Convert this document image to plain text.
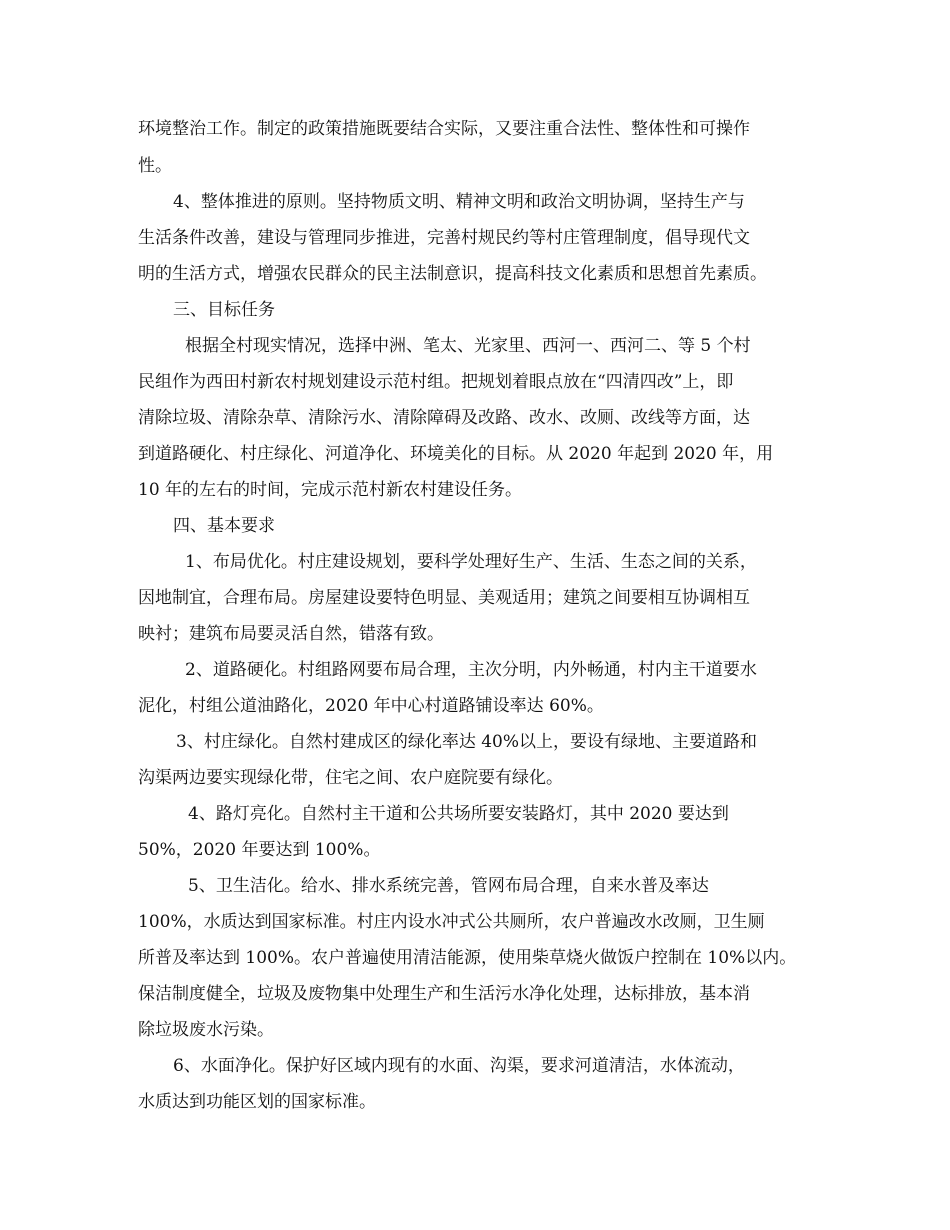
环境整治工作。制定的政策措施既要结合实际，又要注重合法性、整体性和可操作
性。
4、整体推进的原则。坚持物质文明、精神文明和政治文明协调，坚持生产与
生活条件改善，建设与管理同步推进，完善村规民约等村庄管理制度，倡导现代文
明的生活方式，增强农民群众的民主法制意识，提高科技文化素质和思想首先素质。
三、目标任务
根据全村现实情况，选择中洲、笔太、光家里、西河一、西河二、等 5 个村
民组作为西田村新农村规划建设示范村组。把规划着眼点放在“四清四改”上，即
清除垃圾、清除杂草、清除污水、清除障碍及改路、改水、改厕、改线等方面，达
到道路硬化、村庄绿化、河道净化、环境美化的目标。从 2020 年起到 2020 年，用
10 年的左右的时间，完成示范村新农村建设任务。
四、基本要求
1、布局优化。村庄建设规划，要科学处理好生产、生活、生态之间的关系，
因地制宜，合理布局。房屋建设要特色明显、美观适用；建筑之间要相互协调相互
映衬；建筑布局要灵活自然，错落有致。
2、道路硬化。村组路网要布局合理，主次分明，内外畅通，村内主干道要水
泥化，村组公道油路化，2020 年中心村道路铺设率达 60%。
3、村庄绿化。自然村建成区的绿化率达 40%以上，要设有绿地、主要道路和
沟渠两边要实现绿化带，住宅之间、农户庭院要有绿化。
4、路灯亮化。自然村主干道和公共场所要安装路灯，其中 2020 要达到
50%，2020 年要达到 100%。
5、卫生洁化。给水、排水系统完善，管网布局合理，自来水普及率达
100%，水质达到国家标准。村庄内设水冲式公共厕所，农户普遍改水改厕，卫生厕
所普及率达到 100%。农户普遍使用清洁能源，使用柴草烧火做饭户控制在 10%以内。
保洁制度健全，垃圾及废物集中处理生产和生活污水净化处理，达标排放，基本消
除垃圾废水污染。
6、水面净化。保护好区域内现有的水面、沟渠，要求河道清洁，水体流动，
水质达到功能区划的国家标准。
